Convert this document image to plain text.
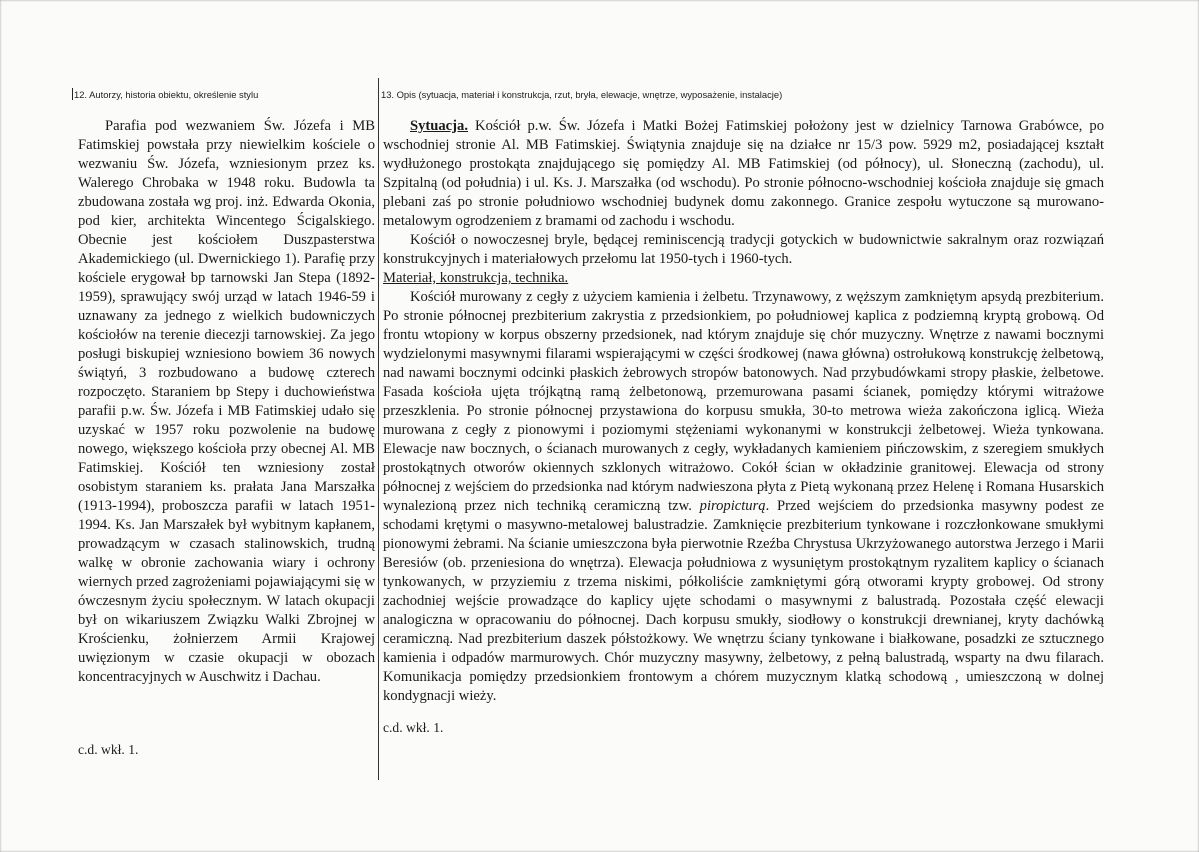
12. Autorzy, historia obiektu, określenie stylu	13. Opis (sytuacja, materiał i konstrukcja, rzut, bryła, elewacje, wnętrze, wyposażenie, instalacje)

Parafia pod wezwaniem Św. Józefa i MB Fatimskiej powstała przy niewielkim kościele o wezwaniu Św. Józefa, wzniesionym przez ks. Walerego Chrobaka w 1948 roku. Budowla ta zbudowana została wg proj. inż. Edwarda Okonia, pod kier, architekta Wincentego Ścigalskiego. Obecnie jest kościołem Duszpasterstwa Akademickiego (ul. Dwernickiego 1). Parafię przy kościele erygował bp tarnowski Jan Stepa (1892-1959), sprawujący swój urząd w latach 1946-59 i uznawany za jednego z wielkich budowniczych kościołów na terenie diecezji tarnowskiej. Za jego posługi biskupiej wzniesiono bowiem 36 nowych świątyń, 3 rozbudowano a budowę czterech rozpoczęto. Staraniem bp Stepy i duchowieństwa parafii p.w. Św. Józefa i MB Fatimskiej udało się uzyskać w 1957 roku pozwolenie na budowę nowego, większego kościoła przy obecnej Al. MB Fatimskiej. Kościół ten wzniesiony został osobistym staraniem ks. prałata Jana Marszałka (1913-1994), proboszcza parafii w latach 1951-1994. Ks. Jan Marszałek był wybitnym kapłanem, prowadzącym w czasach stalinowskich, trudną walkę w obronie zachowania wiary i ochrony wiernych przed zagrożeniami pojawiającymi się w ówczesnym życiu społecznym. W latach okupacji był on wikariuszem Związku Walki Zbrojnej w Krościenku, żołnierzem Armii Krajowej uwięzionym w czasie okupacji w obozach koncentracyjnych w Auschwitz i Dachau.

c.d. wkł. 1.

Sytuacja. Kościół p.w. Św. Józefa i Matki Bożej Fatimskiej położony jest w dzielnicy Tarnowa Grabówce, po wschodniej stronie Al. MB Fatimskiej. Świątynia znajduje się na działce nr 15/3 pow. 5929 m2, posiadającej kształt wydłużonego prostokąta znajdującego się pomiędzy Al. MB Fatimskiej (od północy), ul. Słoneczną (zachodu), ul. Szpitalną (od południa) i ul. Ks. J. Marszałka (od wschodu). Po stronie północno-wschodniej kościoła znajduje się gmach plebani zaś po stronie południowo wschodniej budynek domu zakonnego. Granice zespołu wytuczone są murowano-metalowym ogrodzeniem z bramami od zachodu i wschodu.

Kościół o nowoczesnej bryle, będącej reminiscencją tradycji gotyckich w budownictwie sakralnym oraz rozwiązań konstrukcyjnych i materiałowych przełomu lat 1950-tych i 1960-tych.

Materiał, konstrukcja, technika.

Kościół murowany z cegły z użyciem kamienia i żelbetu. Trzynawowy, z węższym zamkniętym apsydą prezbiterium. Po stronie północnej prezbiterium zakrystia z przedsionkiem, po południowej kaplica z podziemną kryptą grobową. Od frontu wtopiony w korpus obszerny przedsionek, nad którym znajduje się chór muzyczny. Wnętrze z nawami bocznymi wydzielonymi masywnymi filarami wspierającymi w części środkowej (nawa główna) ostrołukową konstrukcję żelbetową, nad nawami bocznymi odcinki płaskich żebrowych stropów batonowych. Nad przybudówkami stropy płaskie, żelbetowe. Fasada kościoła ujęta trójkątną ramą żelbetonową, przemurowana pasami ścianek, pomiędzy którymi witrażowe przeszklenia. Po stronie północnej przystawiona do korpusu smukła, 30-to metrowa wieża zakończona iglicą. Wieża murowana z cegły z pionowymi i poziomymi stężeniami wykonanymi w konstrukcji żelbetowej. Wieża tynkowana. Elewacje naw bocznych, o ścianach murowanych z cegły, wykładanych kamieniem pińczowskim, z szeregiem smukłych prostokątnych otworów okiennych szklonych witrażowo. Cokół ścian w okładzinie granitowej. Elewacja od strony północnej z wejściem do przedsionka nad którym nadwieszona płyta z Pietą wykonaną przez Helenę i Romana Husarskich wynalezioną przez nich techniką ceramiczną tzw. piropicturą. Przed wejściem do przedsionka masywny podest ze schodami krętymi o masywno-metalowej balustradzie. Zamknięcie prezbiterium tynkowane i rozczłonkowane smukłymi pionowymi żebrami. Na ścianie umieszczona była pierwotnie Rzeźba Chrystusa Ukrzyżowanego autorstwa Jerzego i Marii Beresiów (ob. przeniesiona do wnętrza). Elewacja południowa z wysuniętym prostokątnym ryzalitem kaplicy o ścianach tynkowanych, w przyziemiu z trzema niskimi, półkoliście zamkniętymi górą otworami krypty grobowej. Od strony zachodniej wejście prowadzące do kaplicy ujęte schodami o masywnymi z balustradą. Pozostała część elewacji analogiczna w opracowaniu do północnej. Dach korpusu smukły, siodłowy o konstrukcji drewnianej, kryty dachówką ceramiczną. Nad prezbiterium daszek półstożkowy. We wnętrzu ściany tynkowane i białkowane, posadzki ze sztucznego kamienia i odpadów marmurowych. Chór muzyczny masywny, żelbetowy, z pełną balustradą, wsparty na dwu filarach. Komunikacja pomiędzy przedsionkiem frontowym a chórem muzycznym klatką schodową , umieszczoną w dolnej kondygnacji wieży.

c.d. wkł. 1.
